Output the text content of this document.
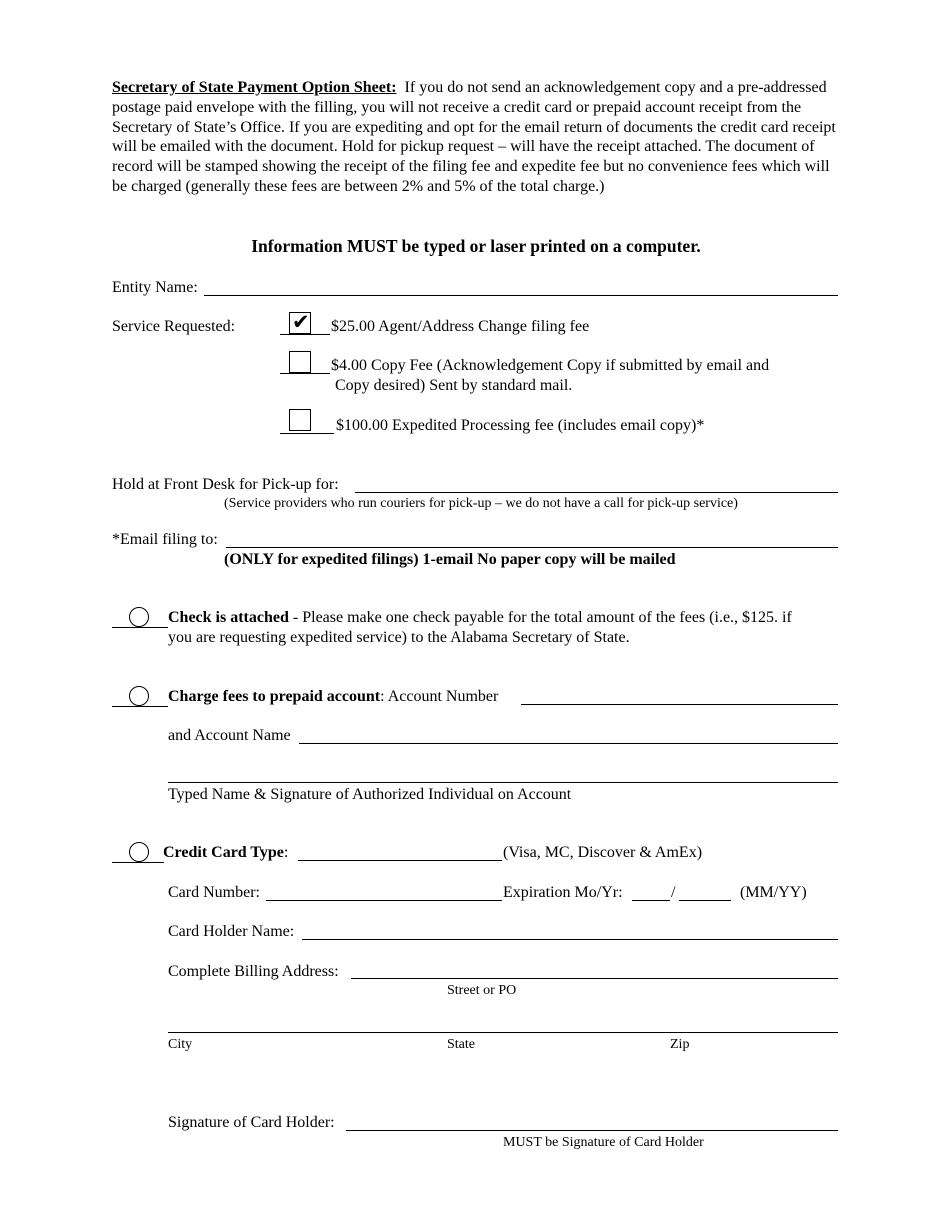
Secretary of State Payment Option Sheet: If you do not send an acknowledgement copy and a pre-addressed postage paid envelope with the filling, you will not receive a credit card or prepaid account receipt from the Secretary of State’s Office. If you are expediting and opt for the email return of documents the credit card receipt will be emailed with the document. Hold for pickup request – will have the receipt attached. The document of record will be stamped showing the receipt of the filing fee and expedite fee but no convenience fees which will be charged (generally these fees are between 2% and 5% of the total charge.)
Information MUST be typed or laser printed on a computer.
Entity Name:
Service Requested:	✔ $25.00 Agent/Address Change filing fee
$4.00 Copy Fee (Acknowledgement Copy if submitted by email and
Copy desired) Sent by standard mail.
$100.00 Expedited Processing fee (includes email copy)*
Hold at Front Desk for Pick-up for:
(Service providers who run couriers for pick-up – we do not have a call for pick-up service)
*Email filing to:
(ONLY for expedited filings) 1-email No paper copy will be mailed
Check is attached - Please make one check payable for the total amount of the fees (i.e., $125. if
you are requesting expedited service) to the Alabama Secretary of State.
Charge fees to prepaid account: Account Number
and Account Name
Typed Name & Signature of Authorized Individual on Account
Credit Card Type:	(Visa, MC, Discover & AmEx)
Card Number:	Expiration Mo/Yr:	/	(MM/YY)
Card Holder Name:
Complete Billing Address:
Street or PO
City	State	Zip
Signature of Card Holder:
MUST be Signature of Card Holder
